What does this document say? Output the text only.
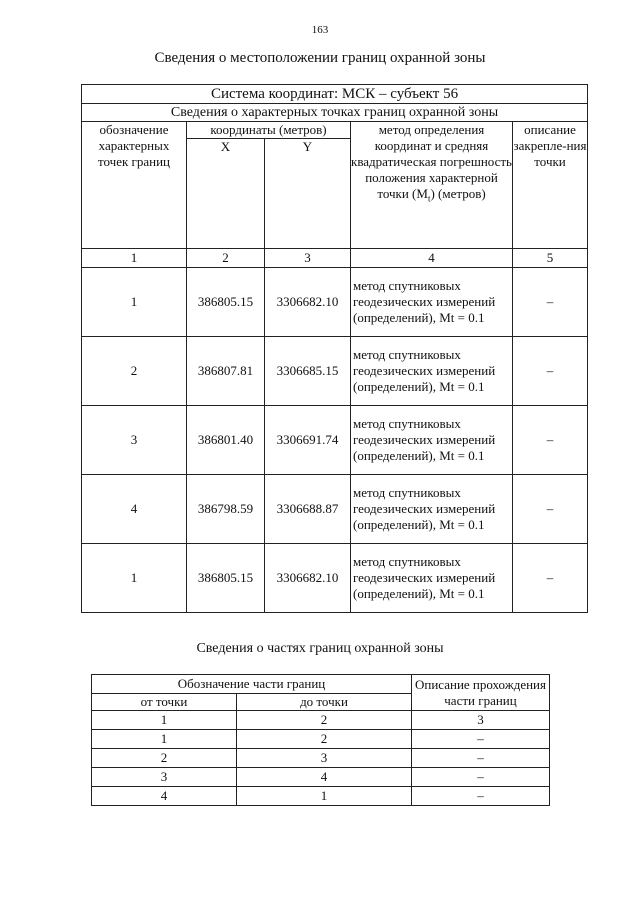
163
Сведения о местоположении границ охранной зоны
Система координат: МСК – субъект 56				
Сведения о характерных точках границ охранной зоны				
обозначение характерных точек границ	координаты (метров)		метод определения координат и средняя квадратическая погрешность положения характерной точки $(M_t)$ (метров)	описание закрепле-ния точки
	X	Y		
1	2	3	4	5
1	386805.15	3306682.10	метод спутниковых геодезических измерений (определений), Mt = 0.1	–
2	386807.81	3306685.15	метод спутниковых геодезических измерений (определений), Mt = 0.1	–
3	386801.40	3306691.74	метод спутниковых геодезических измерений (определений), Mt = 0.1	–
4	386798.59	3306688.87	метод спутниковых геодезических измерений (определений), Mt = 0.1	–
1	386805.15	3306682.10	метод спутниковых геодезических измерений (определений), Mt = 0.1	–
Сведения о частях границ охранной зоны
Обозначение части границ		Описание прохождения части границ
от точки	до точки	
1	2	3
1	2	–
2	3	–
3	4	–
4	1	–
